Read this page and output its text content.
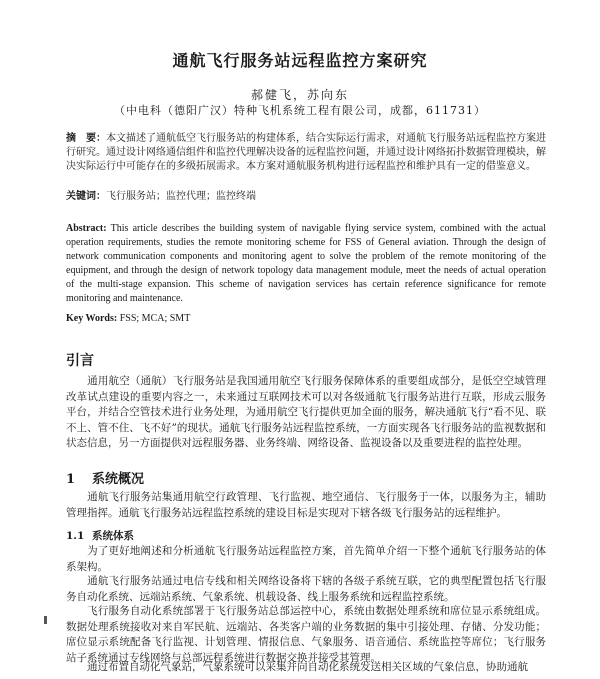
通航飞行服务站远程监控方案研究
郝健飞，苏向东
（中电科（德阳广汉）特种飞机系统工程有限公司，成都，611731）
摘　要：本文描述了通航低空飞行服务站的构建体系，结合实际运行需求，对通航飞行服务站远程监控方案进行研究。通过设计网络通信组件和监控代理解决设备的远程监控问题，并通过设计网络拓扑数据管理模块，解决实际运行中可能存在的多级拓展需求。本方案对通航服务机构进行远程监控和维护具有一定的借鉴意义。
关键词：飞行服务站；监控代理；监控终端
Abstract: This article describes the building system of navigable flying service system, combined with the actual operation requirements, studies the remote monitoring scheme for FSS of General aviation. Through the design of network communication components and monitoring agent to solve the problem of the remote monitoring of the equipment, and through the design of network topology data management module, meet the needs of actual operation of the multi-stage expansion. This scheme of navigation services has certain reference significance for remote monitoring and maintenance.
Key Words: FSS; MCA; SMT
引言
通用航空（通航）飞行服务站是我国通用航空飞行服务保障体系的重要组成部分，是低空空域管理改革试点建设的重要内容之一，未来通过互联网技术可以对各级通航飞行服务站进行互联，形成云服务平台，并结合空管技术进行业务处理，为通用航空飞行提供更加全面的服务，解决通航飞行“看不见、联不上、管不住、飞不好”的现状。通航飞行服务站远程监控系统，一方面实现各飞行服务站的监视数据和状态信息，另一方面提供对远程服务器、业务终端、网络设备、监视设备以及重要进程的监控处理。
1 系统概况
通航飞行服务站集通用航空行政管理、飞行监视、地空通信、飞行服务于一体，以服务为主，辅助管理指挥。通航飞行服务站远程监控系统的建设目标是实现对下辖各级飞行服务站的远程维护。
1.1 系统体系
为了更好地阐述和分析通航飞行服务站远程监控方案，首先简单介绍一下整个通航飞行服务站的体系架构。
通航飞行服务站通过电信专线和相关网络设备将下辖的各级子系统互联，它的典型配置包括飞行服务自动化系统、远端站系统、气象系统、机载设备、线上服务系统和远程监控系统。
飞行服务自动化系统部署于飞行服务站总部运控中心，系统由数据处理系统和席位显示系统组成。数据处理系统接收对来自军民航、远端站、各类客户端的业务数据的集中引接处理、存储、分发功能；席位显示系统配备飞行监视、计划管理、情报信息、气象服务、语音通信、系统监控等席位；飞行服务站子系统通过专线网络与总部远程系统进行数据交换并接受其管理。
通过布置自动化气象站，气象系统可以采集并向自动化系统发送相关区域的气象信息，协助通航
